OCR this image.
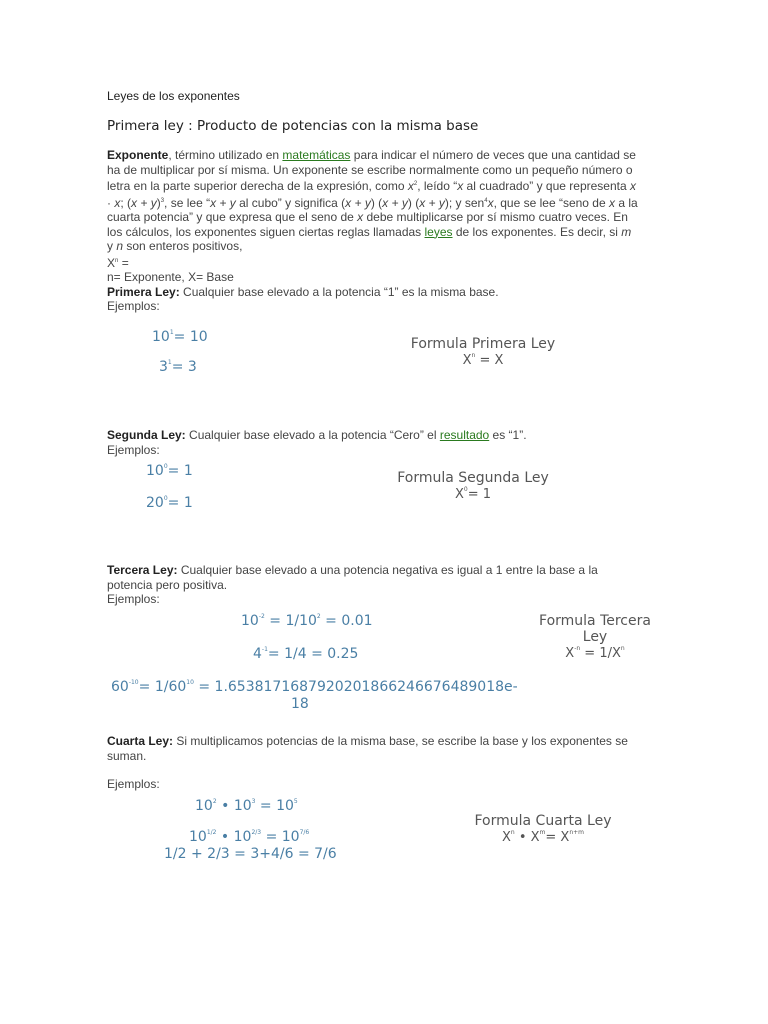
Leyes de los exponentes
Primera ley : Producto de potencias con la misma base
Exponente, término utilizado en matemáticas para indicar el número de veces que una cantidad se
ha de multiplicar por sí misma. Un exponente se escribe normalmente como un pequeño número o
letra en la parte superior derecha de la expresión, como $x^2$, leído “x al cuadrado” y que representa x
· x; $(x + y)^3$, se lee “x + y al cubo” y significa (x + y) (x + y) (x + y); y sen$^4$x, que se lee “seno de x a la
cuarta potencia” y que expresa que el seno de x debe multiplicarse por sí mismo cuatro veces. En
los cálculos, los exponentes siguen ciertas reglas llamadas leyes de los exponentes. Es decir, si m
y n son enteros positivos,
$X^n$ =
n= Exponente, X= Base
Primera Ley: Cualquier base elevado a la potencia “1” es la misma base.
Ejemplos:
$10^1= 10$
$3^1= 3$
Formula Primera Ley
$X^n = X$
Segunda Ley: Cualquier base elevado a la potencia “Cero” el resultado es “1”.
Ejemplos:
$10^0= 1$
$20^0= 1$
Formula Segunda Ley
$X^0= 1$
Tercera Ley: Cualquier base elevado a una potencia negativa es igual a 1 entre la base a la
potencia pero positiva.
Ejemplos:
$10^{-2} = 1/10^2 = 0.01$
$4^{-1}= 1/4 = 0.25$
$60^{-10}= 1/60^{10} = 1.6538171687920201866246676489018e-$
18
Formula Tercera
Ley
$X^{-n} = 1/X^n$
Cuarta Ley: Si multiplicamos potencias de la misma base, se escribe la base y los exponentes se
suman.
Ejemplos:
$10^2$ • $10^3 = 10^5$
$10^{1/2}$ • $10^{2/3} = 10^{7/6}$
1/2 + 2/3 = 3+4/6 = 7/6
Formula Cuarta Ley
$X^n$ • $X^m= X^{n+m}$
